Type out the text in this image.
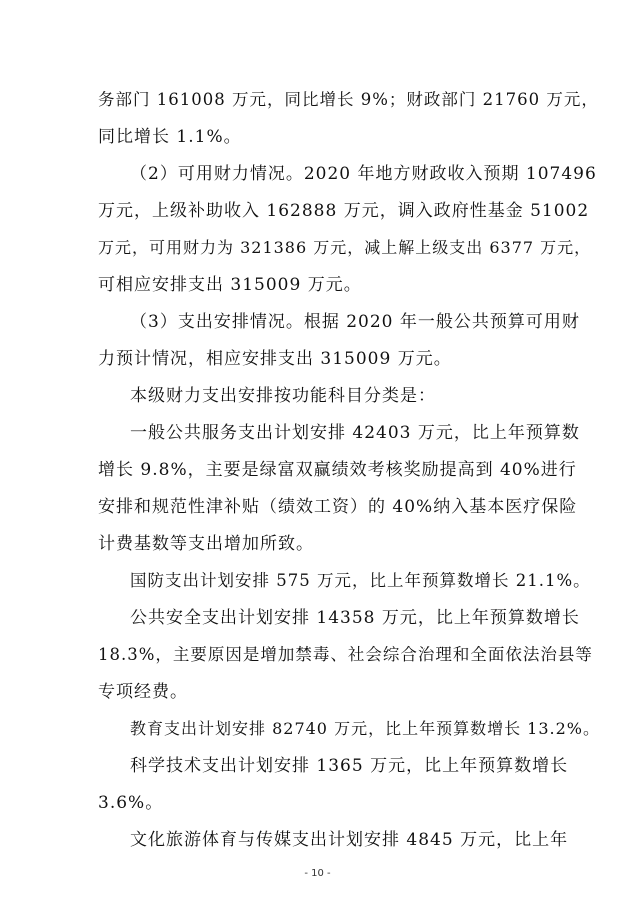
务部门 161008 万元，同比增长 9%；财政部门 21760 万元，
同比增长 1.1%。
（2）可用财力情况。2020 年地方财政收入预期 107496
万元，上级补助收入 162888 万元，调入政府性基金 51002
万元，可用财力为 321386 万元，减上解上级支出 6377 万元，
可相应安排支出 315009 万元。
（3）支出安排情况。根据 2020 年一般公共预算可用财
力预计情况，相应安排支出 315009 万元。
本级财力支出安排按功能科目分类是：
一般公共服务支出计划安排 42403 万元，比上年预算数
增长 9.8%，主要是绿富双赢绩效考核奖励提高到 40%进行
安排和规范性津补贴（绩效工资）的 40%纳入基本医疗保险
计费基数等支出增加所致。
国防支出计划安排 575 万元，比上年预算数增长 21.1%。
公共安全支出计划安排 14358 万元，比上年预算数增长
18.3%，主要原因是增加禁毒、社会综合治理和全面依法治县等
专项经费。
教育支出计划安排 82740 万元，比上年预算数增长 13.2%。
科学技术支出计划安排 1365 万元，比上年预算数增长
3.6%。
文化旅游体育与传媒支出计划安排 4845 万元，比上年
- 10 -
